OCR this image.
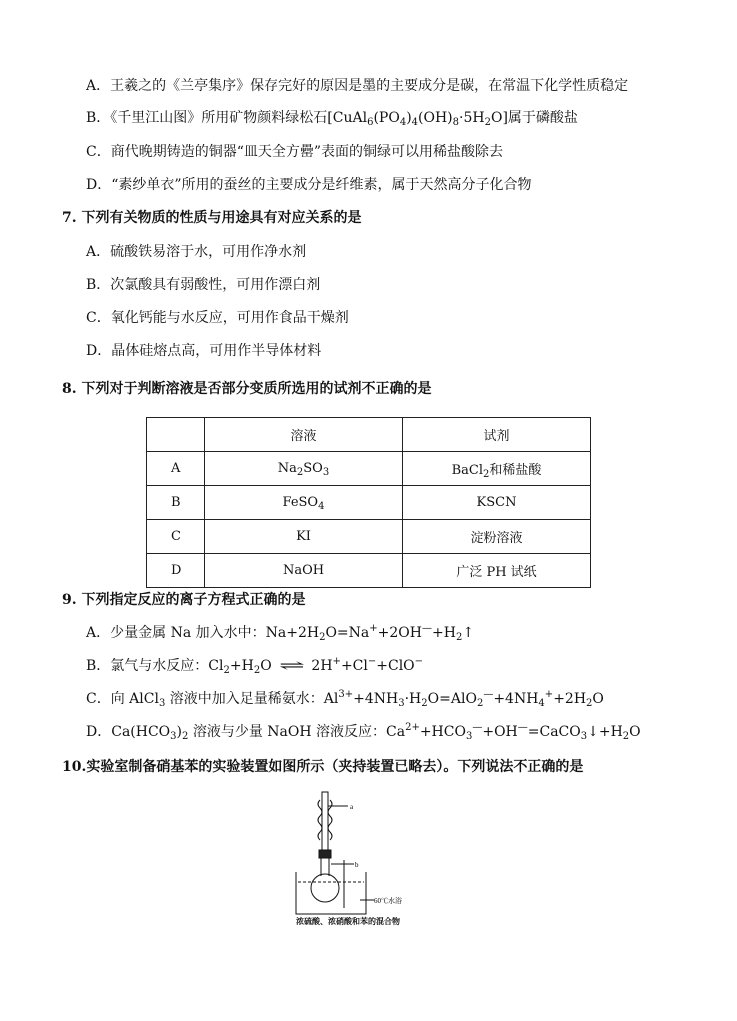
A．王羲之的《兰亭集序》保存完好的原因是墨的主要成分是碳，在常温下化学性质稳定
B．《千里江山图》所用矿物颜料绿松石$[CuAl_6(PO_4)_4(OH)_8\cdot 5H_2O]$属于磷酸盐
C．商代晚期铸造的铜器“皿天全方罍”表面的铜绿可以用稀盐酸除去
D．“素纱单衣”所用的蚕丝的主要成分是纤维素，属于天然高分子化合物
7. 下列有关物质的性质与用途具有对应关系的是
A．硫酸铁易溶于水，可用作净水剂
B．次氯酸具有弱酸性，可用作漂白剂
C．氧化钙能与水反应，可用作食品干燥剂
D．晶体硅熔点高，可用作半导体材料
8. 下列对于判断溶液是否部分变质所选用的试剂不正确的是
	溶液	试剂
A	$Na_2SO_3$	BaCl$_2$和稀盐酸
B	FeSO$_4$	KSCN
C	KI	淀粉溶液
D	NaOH	广泛 PH 试纸
9. 下列指定反应的离子方程式正确的是
A．少量金属 Na 加入水中：$Na+2H_2O=Na^++2OH^—+H_2↑$
B．氯气与水反应：$Cl_2+H_2O$ ⇌ 2H++Cl−+ClO−
C．向 AlCl$_3$ 溶液中加入足量稀氨水：$Al^{3+}+4NH_3\cdot H_2O=AlO_2^—+4NH_4^++2H_2O$
D．$Ca(HCO_3)_2$ 溶液与少量 NaOH 溶液反应：$Ca^{2+}+HCO_3^—+OH^—=CaCO_3↓+H_2O$
10.实验室制备硝基苯的实验装置如图所示（夹持装置已略去）。下列说法不正确的是
a
b
60℃水浴
浓硫酸、浓硝酸和苯的混合物
